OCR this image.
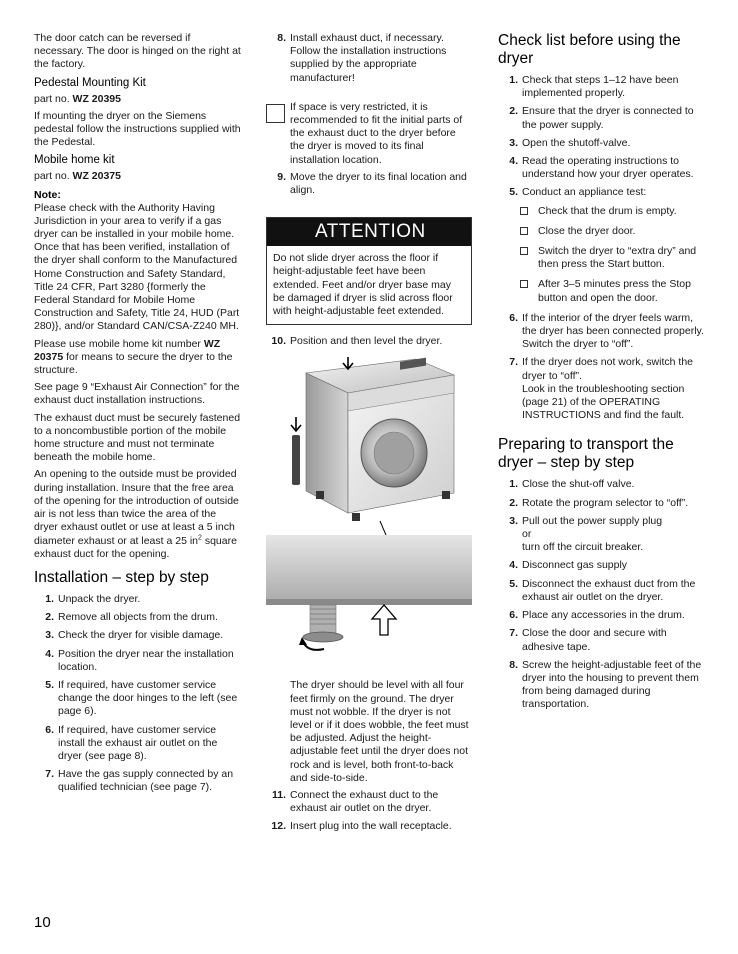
The door catch can be reversed if necessary. The door is hinged on the right at the factory.

Pedestal Mounting Kit

part no. WZ 20395

If mounting the dryer on the Siemens pedestal follow the instructions supplied with the Pedestal.

Mobile home kit

part no. WZ 20375

Note:

Please check with the Authority Having Jurisdiction in your area to verify if a gas dryer can be installed in your mobile home. Once that has been verified, installation of the dryer shall conform to the Manufactured Home Construction and Safety Standard, Title 24 CFR, Part 3280 {formerly the Federal Standard for Mobile Home Construction and Safety, Title 24, HUD (Part 280)}, and/or Standard CAN/CSA-Z240 MH.

Please use mobile home kit number WZ 20375 for means to secure the dryer to the structure.

See page 9 “Exhaust Air Connection” for the exhaust duct installation instructions.

The exhaust duct must be securely fastened to a noncombustible portion of the mobile home structure and must not terminate beneath the mobile home.

An opening to the outside must be provided during installation. Insure that the free area of the opening for the introduction of outside air is not less than twice the area of the dryer exhaust outlet or use at least a 5 inch diameter exhaust or at least a 25 $in^2$ square exhaust duct for the opening.

Installation – step by step
1. Unpack the dryer.
2. Remove all objects from the drum.
3. Check the dryer for visible damage.
4. Position the dryer near the installation location.
5. If required, have customer service change the door hinges to the left (see page 6).
6. If required, have customer service install the exhaust air outlet on the dryer (see page 8).
7. Have the gas supply connected by an qualified technician (see page 7).
8. Install exhaust duct, if necessary. Follow the installation instructions supplied by the appropriate manufacturer!

If space is very restricted, it is recommended to fit the initial parts of the exhaust duct to the dryer before the dryer is moved to its final installation location.

9. Move the dryer to its final location and align.
ATTENTION
Do not slide dryer across the floor if height-adjustable feet have been extended. Feet and/or dryer base may be damaged if dryer is slid across floor with height-adjustable feet extended.
10. Position and then level the dryer.

The dryer should be level with all four feet firmly on the ground. The dryer must not wobble. If the dryer is not level or if it does wobble, the feet must be adjusted. Adjust the height-adjustable feet until the dryer does not rock and is level, both front-to-back and side-to-side.

11. Connect the exhaust duct to the exhaust air outlet on the dryer.
12. Insert plug into the wall receptacle.
Check list before using the dryer
1. Check that steps 1–12 have been implemented properly.
2. Ensure that the dryer is connected to the power supply.
3. Open the shutoff-valve.
4. Read the operating instructions to understand how your dryer operates.
5. Conduct an appliance test:
Check that the drum is empty.
Close the dryer door.
Switch the dryer to “extra dry” and then press the Start button.
After 3–5 minutes press the Stop button and open the door.
6. If the interior of the dryer feels warm, the dryer has been connected properly.
Switch the dryer to “off”.
7. If the dryer does not work, switch the dryer to “off”.
Look in the troubleshooting section (page 21) of the OPERATING INSTRUCTIONS and find the fault.
Preparing to transport the dryer – step by step
1. Close the shut-off valve.
2. Rotate the program selector to “off”.
3. Pull out the power supply plug
or
turn off the circuit breaker.
4. Disconnect gas supply
5. Disconnect the exhaust duct from the exhaust air outlet on the dryer.
6. Place any accessories in the drum.
7. Close the door and secure with adhesive tape.
8. Screw the height-adjustable feet of the dryer into the housing to prevent them from being damaged during transportation.
10
